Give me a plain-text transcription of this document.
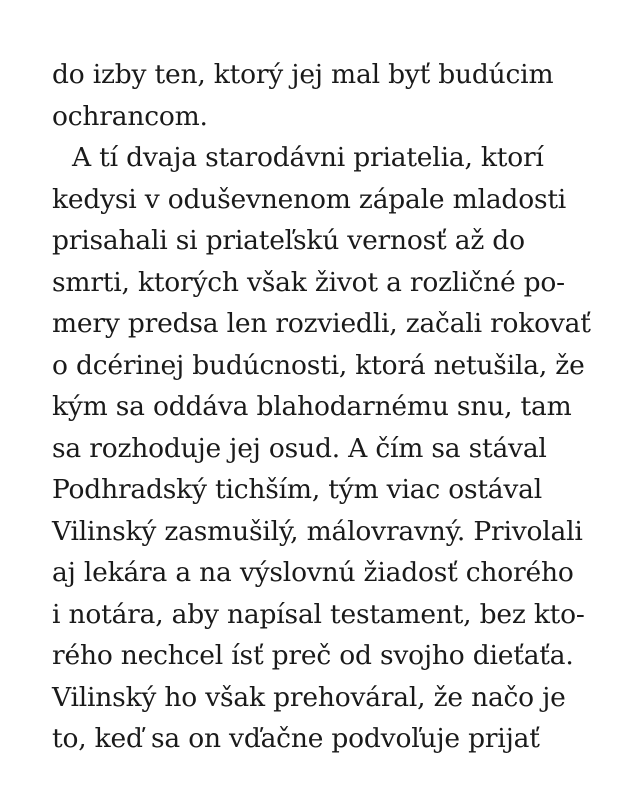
do izby ten, ktorý jej mal byť budúcim
ochrancom.
A tí dvaja starodávni priatelia, ktorí
kedysi v oduševnenom zápale mladosti
prisahali si priateľskú vernosť až do
smrti, ktorých však život a rozličné po-
mery predsa len rozviedli, začali rokovať
o dcérinej budúcnosti, ktorá netušila, že
kým sa oddáva blahodarnému snu, tam
sa rozhoduje jej osud. A čím sa stával
Podhradský tichším, tým viac ostával
Vilinský zasmušilý, málovravný. Privolali
aj lekára a na výslovnú žiadosť chorého
i notára, aby napísal testament, bez kto-
rého nechcel ísť preč od svojho dieťaťa.
Vilinský ho však prehováral, že načo je
to, keď sa on vďačne podvoľuje prijať
